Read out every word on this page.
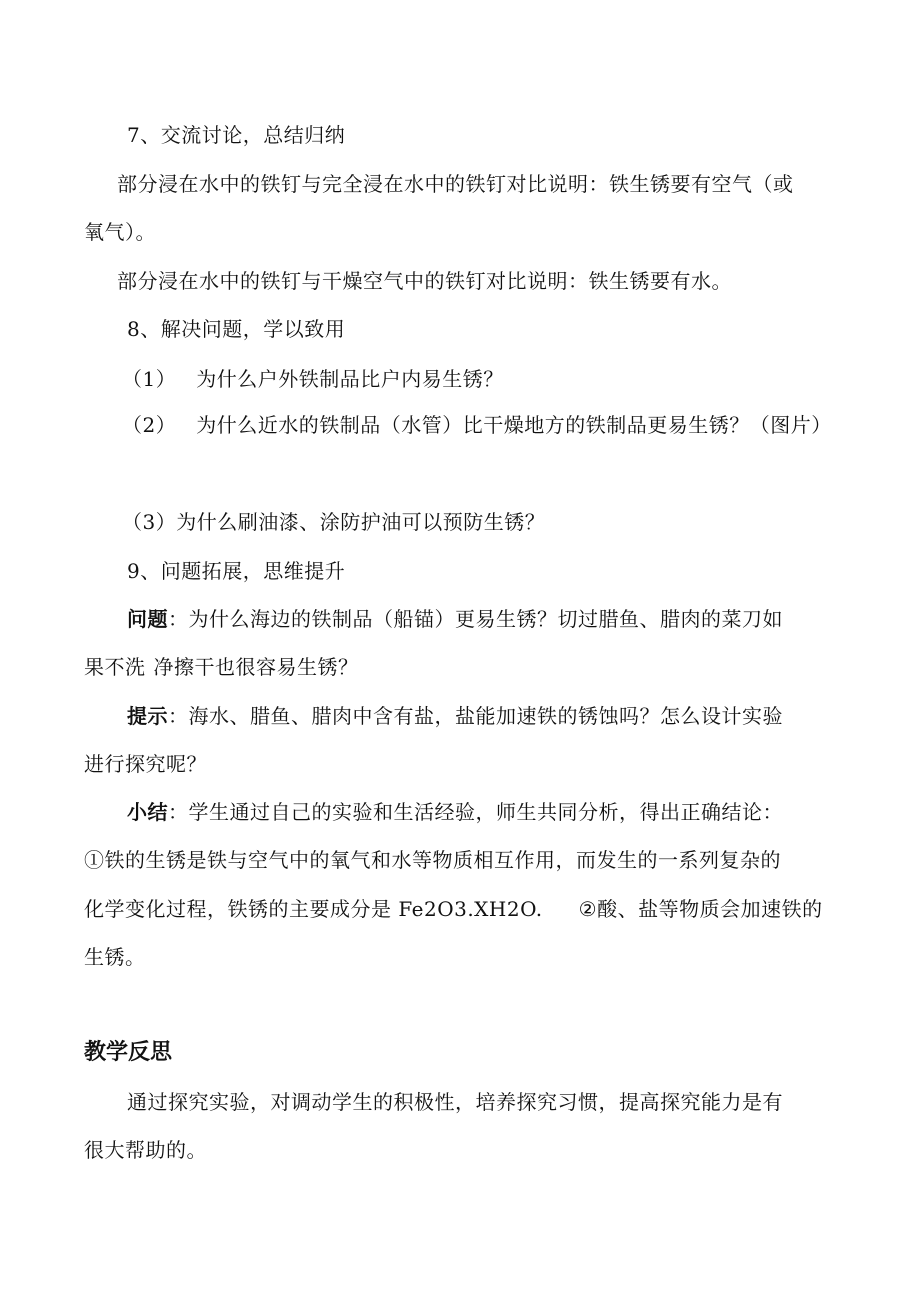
7、交流讨论，总结归纳
部分浸在水中的铁钉与完全浸在水中的铁钉对比说明：铁生锈要有空气（或
氧气）。
部分浸在水中的铁钉与干燥空气中的铁钉对比说明：铁生锈要有水。
8、解决问题，学以致用
（1） 为什么户外铁制品比户内易生锈？
（2） 为什么近水的铁制品（水管）比干燥地方的铁制品更易生锈？（图片）
（3）为什么刷油漆、涂防护油可以预防生锈？
9、问题拓展，思维提升
问题：为什么海边的铁制品（船锚）更易生锈？切过腊鱼、腊肉的菜刀如
果不洗 净擦干也很容易生锈？
提示：海水、腊鱼、腊肉中含有盐，盐能加速铁的锈蚀吗？怎么设计实验
进行探究呢？
小结：学生通过自己的实验和生活经验，师生共同分析，得出正确结论：
①铁的生锈是铁与空气中的氧气和水等物质相互作用，而发生的一系列复杂的
化学变化过程，铁锈的主要成分是 Fe2O3.XH2O. ②酸、盐等物质会加速铁的
生锈。
教学反思
通过探究实验，对调动学生的积极性，培养探究习惯，提高探究能力是有
很大帮助的。
